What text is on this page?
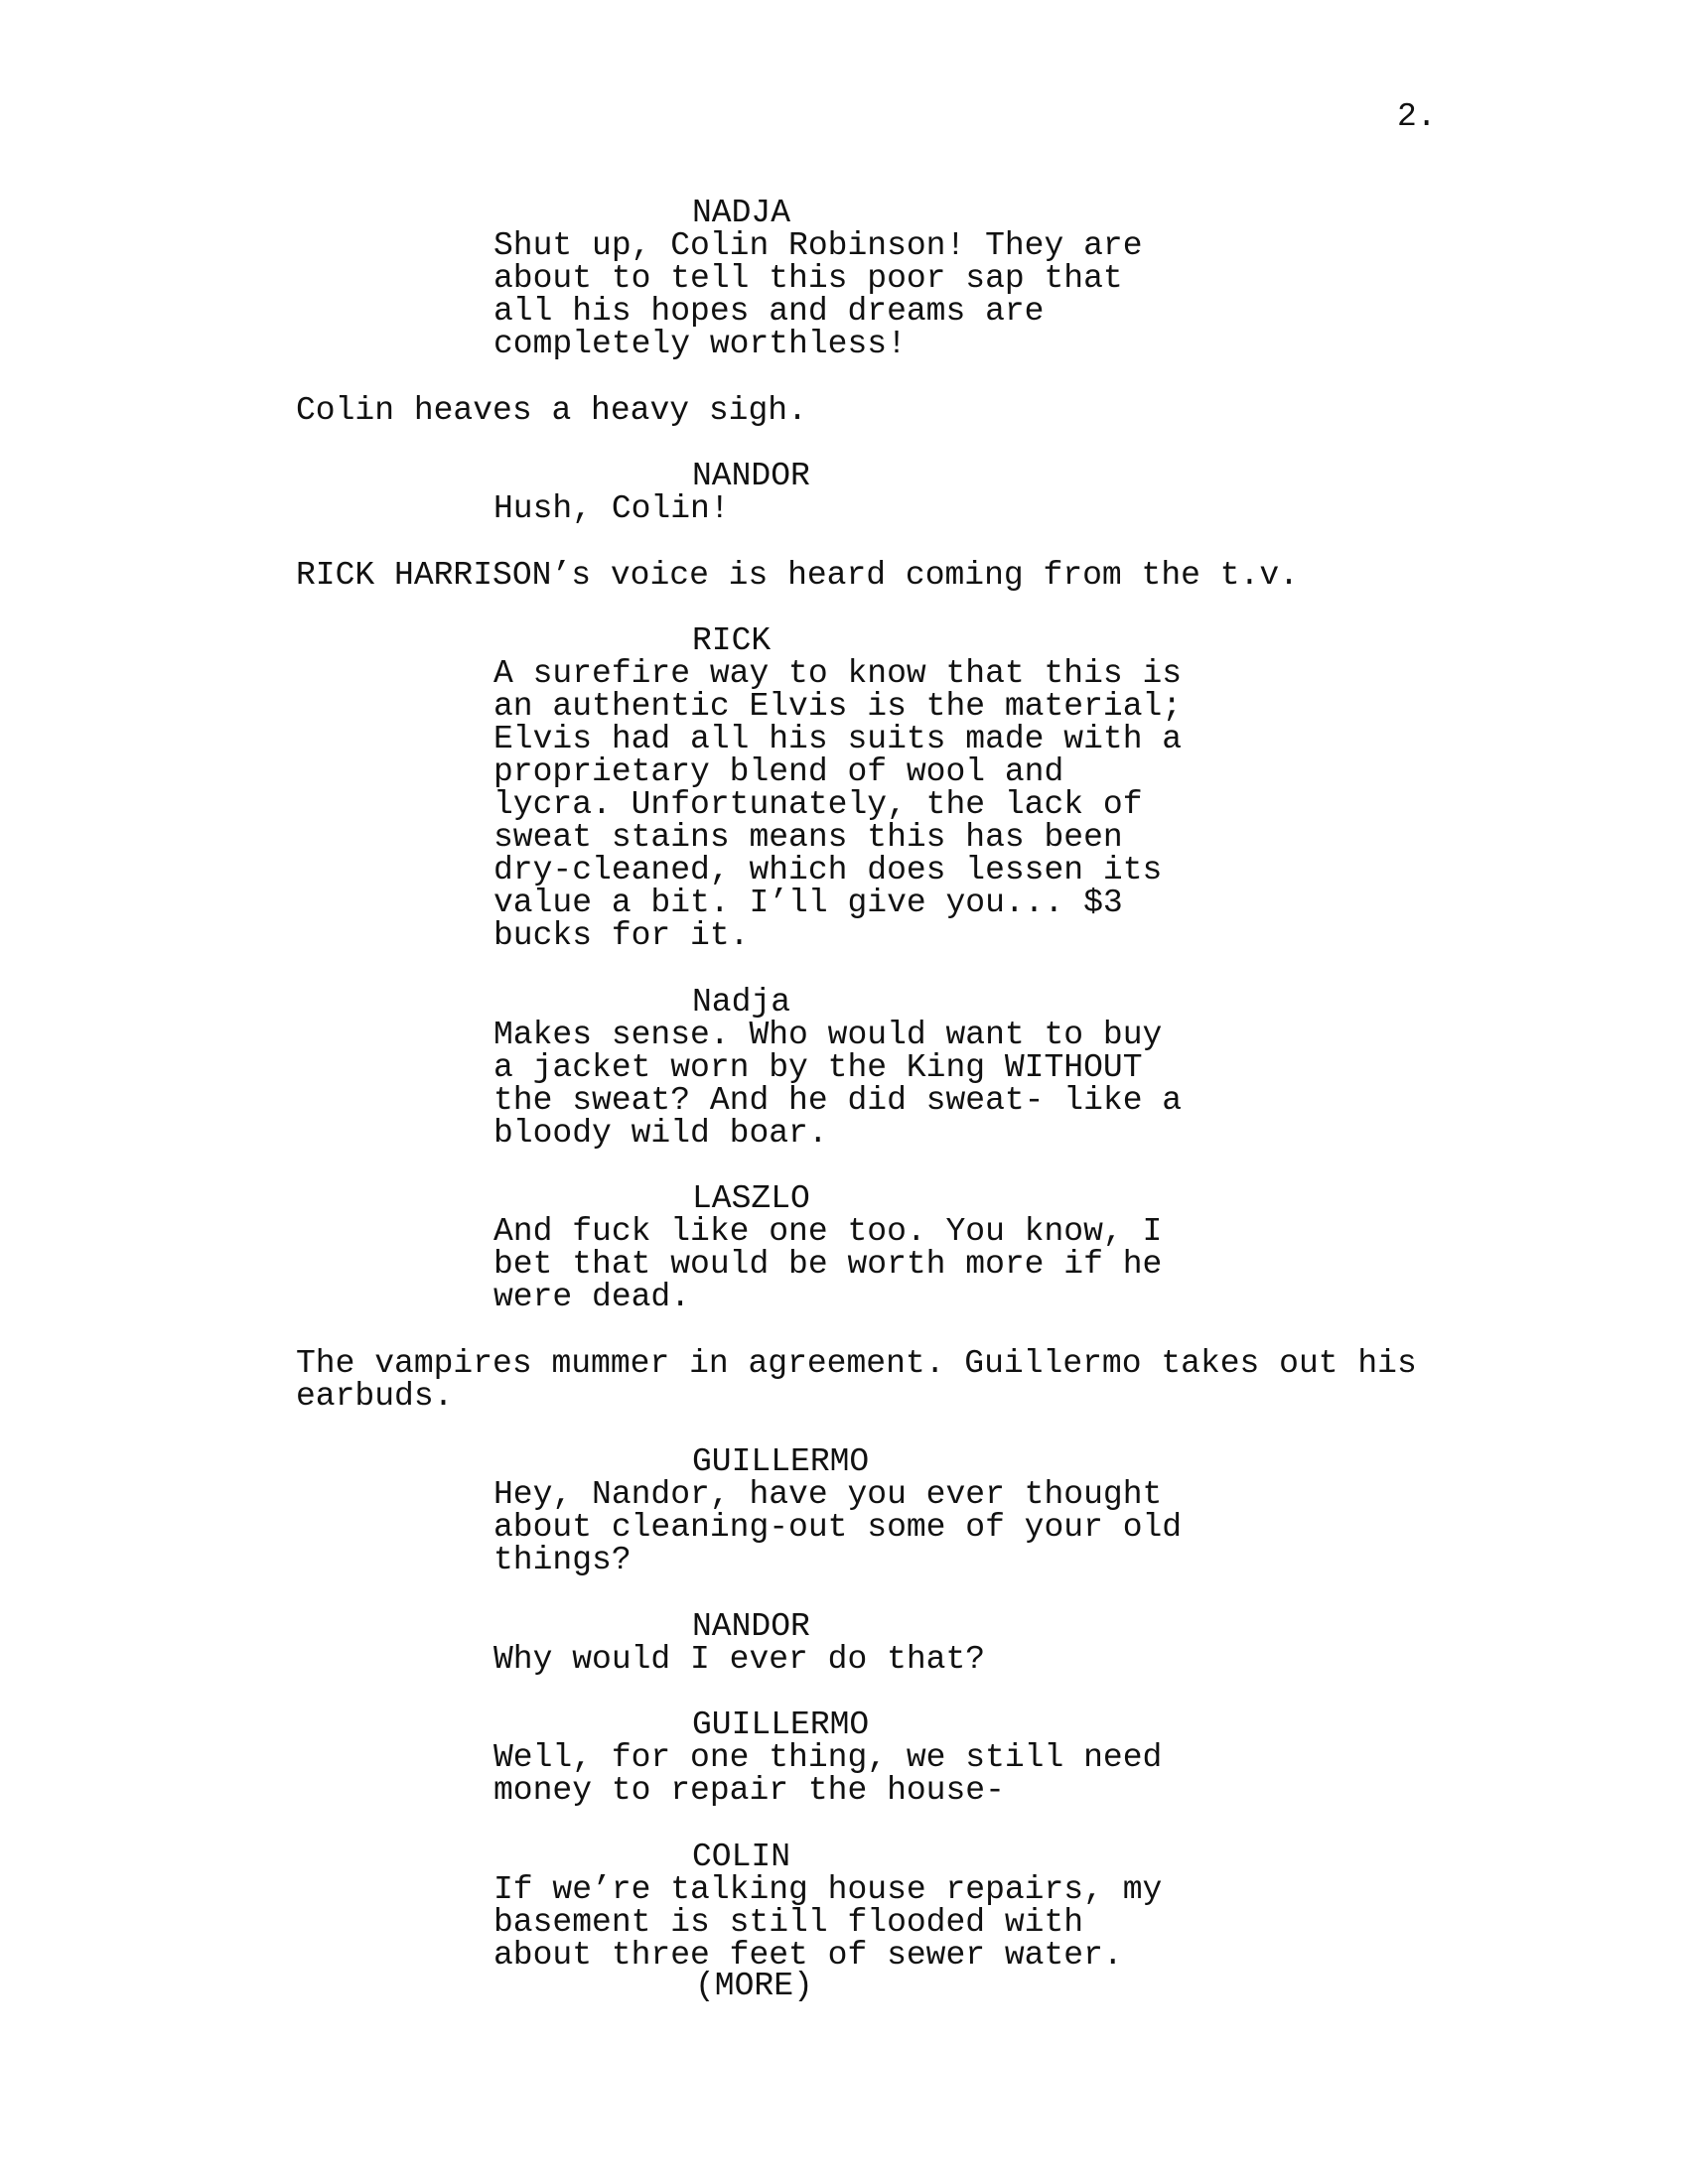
2.

NADJA

Shut up, Colin Robinson! They are
about to tell this poor sap that
all his hopes and dreams are
completely worthless!

Colin heaves a heavy sigh.

NANDOR

Hush, Colin!

RICK HARRISON’s voice is heard coming from the t.v.

RICK

A surefire way to know that this is
an authentic Elvis is the material;
Elvis had all his suits made with a
proprietary blend of wool and
lycra. Unfortunately, the lack of
sweat stains means this has been
dry-cleaned, which does lessen its
value a bit. I’ll give you... $3
bucks for it.

Nadja

Makes sense. Who would want to buy
a jacket worn by the King WITHOUT
the sweat? And he did sweat- like a
bloody wild boar.

LASZLO

And fuck like one too. You know, I
bet that would be worth more if he
were dead.

The vampires mummer in agreement. Guillermo takes out his
earbuds.

GUILLERMO

Hey, Nandor, have you ever thought
about cleaning-out some of your old
things?

NANDOR

Why would I ever do that?

GUILLERMO

Well, for one thing, we still need
money to repair the house-

COLIN

If we’re talking house repairs, my
basement is still flooded with
about three feet of sewer water.

(MORE)
